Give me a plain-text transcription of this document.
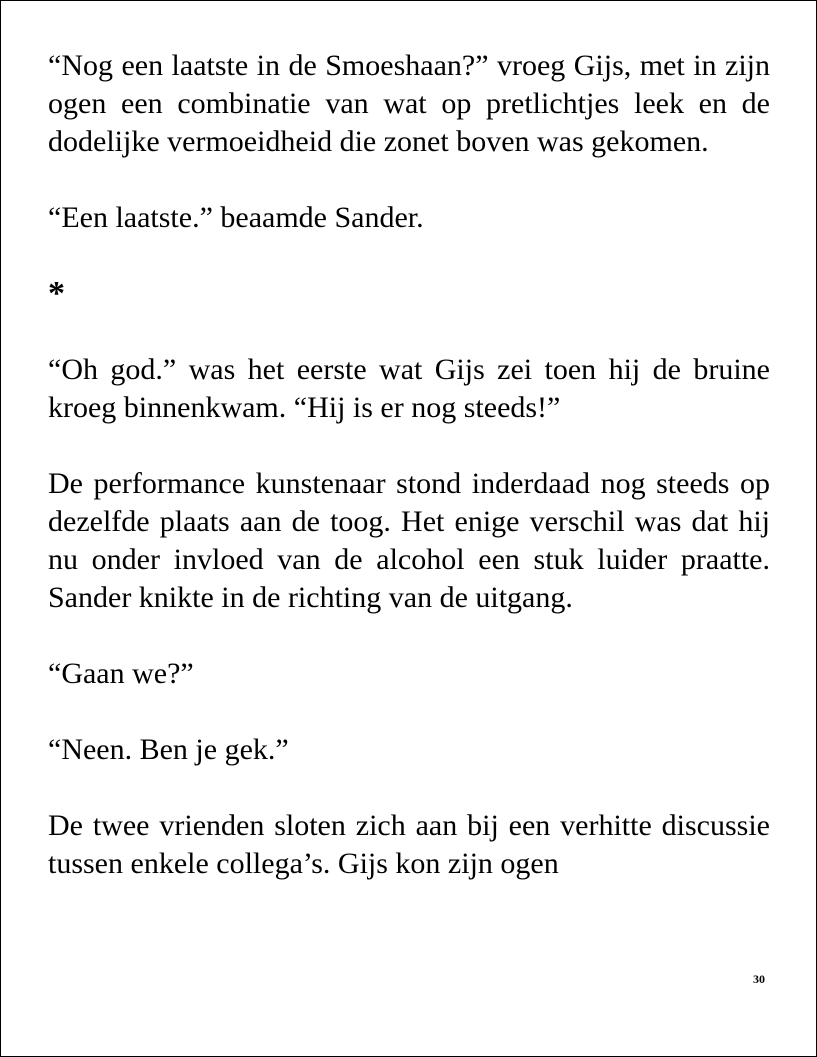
“Nog een laatste in de Smoeshaan?” vroeg Gijs, met in zijn ogen een combinatie van wat op pretlichtjes leek en de dodelijke vermoeidheid die zonet boven was gekomen.

“Een laatste.” beaamde Sander.

*

“Oh god.” was het eerste wat Gijs zei toen hij de bruine kroeg binnenkwam. “Hij is er nog steeds!”

De performance kunstenaar stond inderdaad nog steeds op dezelfde plaats aan de toog. Het enige verschil was dat hij nu onder invloed van de alcohol een stuk luider praatte. Sander knikte in de richting van de uitgang.

“Gaan we?”

“Neen. Ben je gek.”

De twee vrienden sloten zich aan bij een verhitte discussie tussen enkele collega’s. Gijs kon zijn ogen

30
